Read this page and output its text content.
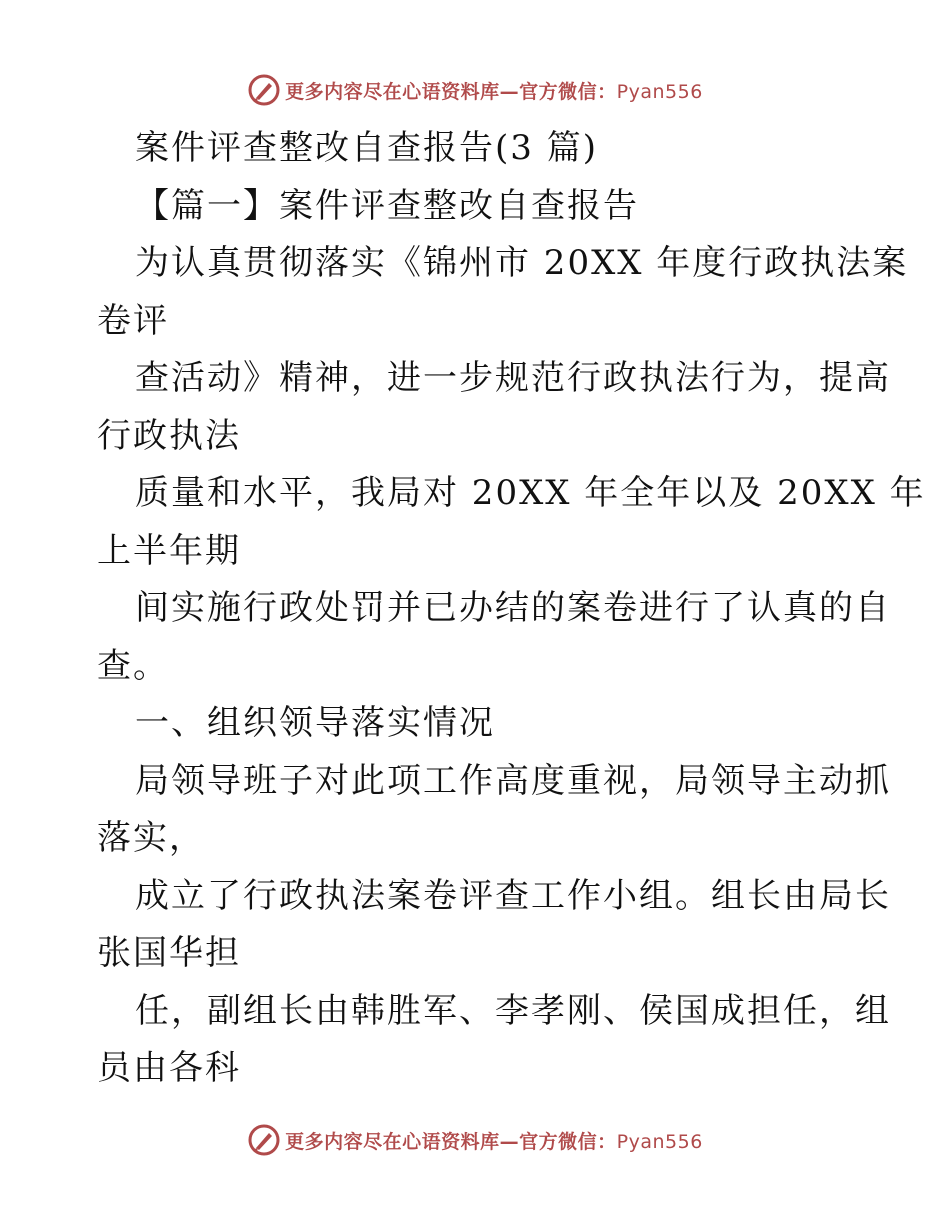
更多内容尽在心语资料库—官方微信：Pyan556
案件评查整改自查报告(3 篇)
【篇一】案件评查整改自查报告
为认真贯彻落实《锦州市 20XX 年度行政执法案
卷评
查活动》精神，进一步规范行政执法行为，提高
行政执法
质量和水平，我局对 20XX 年全年以及 20XX 年
上半年期
间实施行政处罚并已办结的案卷进行了认真的自
查。
一、组织领导落实情况
局领导班子对此项工作高度重视，局领导主动抓
落实，
成立了行政执法案卷评查工作小组。组长由局长
张国华担
任，副组长由韩胜军、李孝刚、侯国成担任，组
员由各科
更多内容尽在心语资料库—官方微信：Pyan556
